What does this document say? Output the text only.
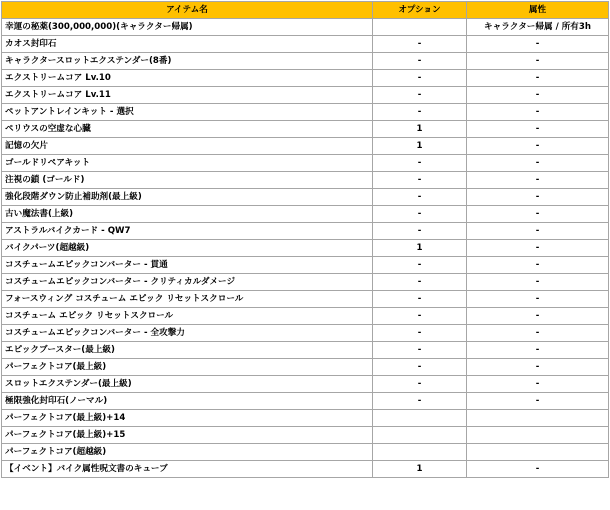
アイテム名	オプション	属性
幸運の秘薬(300,000,000)(キャラクター帰属)		キャラクター帰属 / 所有3h
カオス封印石	-	-
キャラクタースロットエクステンダー(8番)	-	-
エクストリームコア Lv.10	-	-
エクストリームコア Lv.11	-	-
ペットアントレインキット - 選択	-	-
ペリウスの空虚な心臓	1	-
記憶の欠片	1	-
ゴールドリペアキット	-	-
注視の鎖 (ゴールド)	-	-
強化段階ダウン防止補助剤(最上級)	-	-
古い魔法書(上級)	-	-
アストラルバイクカード - QW7	-	-
バイクパーツ(超越級)	1	-
コスチュームエピックコンバーター - 貫通	-	-
コスチュームエピックコンバーター - クリティカルダメージ	-	-
フォースウィング コスチューム エピック リセットスクロール	-	-
コスチューム エピック リセットスクロール	-	-
コスチュームエピックコンバーター - 全攻撃力	-	-
エピックブースター(最上級)	-	-
パーフェクトコア(最上級)	-	-
スロットエクステンダー(最上級)	-	-
極限強化封印石(ノーマル)	-	-
パーフェクトコア(最上級)+14		
パーフェクトコア(最上級)+15		
パーフェクトコア(超越級)		
【イベント】バイク属性呪文書のキューブ	1	-
